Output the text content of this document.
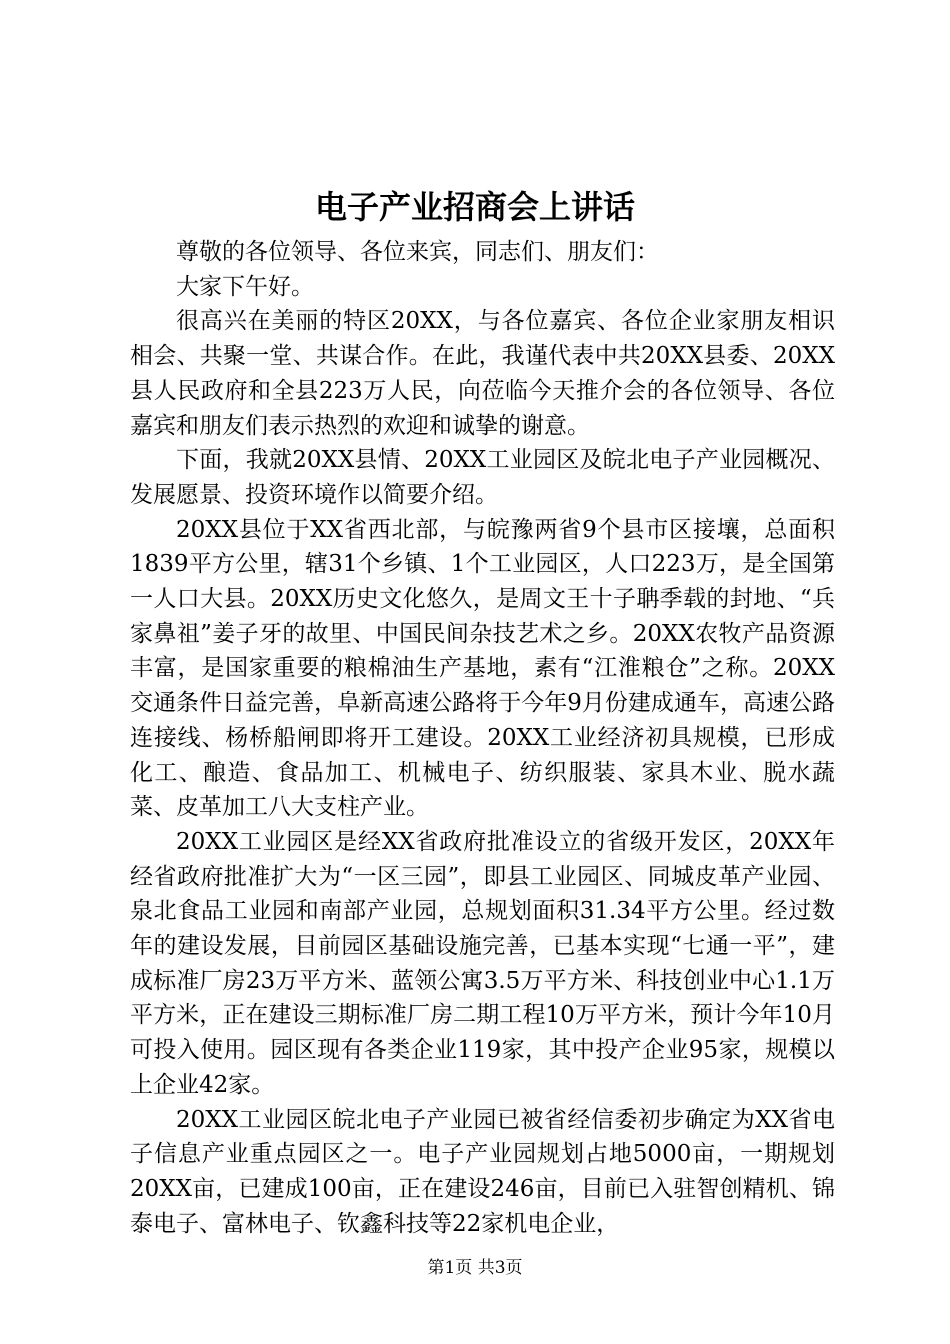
电子产业招商会上讲话

尊敬的各位领导、各位来宾，同志们、朋友们：

大家下午好。

很高兴在美丽的特区20XX，与各位嘉宾、各位企业家朋友相识相会、共聚一堂、共谋合作。在此，我谨代表中共20XX县委、20XX县人民政府和全县223万人民，向莅临今天推介会的各位领导、各位嘉宾和朋友们表示热烈的欢迎和诚挚的谢意。

下面，我就20XX县情、20XX工业园区及皖北电子产业园概况、发展愿景、投资环境作以简要介绍。

20XX县位于XX省西北部，与皖豫两省9个县市区接壤，总面积1839平方公里，辖31个乡镇、1个工业园区，人口223万，是全国第一人口大县。20XX历史文化悠久，是周文王十子聃季载的封地、“兵家鼻祖”姜子牙的故里、中国民间杂技艺术之乡。20XX农牧产品资源丰富，是国家重要的粮棉油生产基地，素有“江淮粮仓”之称。20XX交通条件日益完善，阜新高速公路将于今年9月份建成通车，高速公路连接线、杨桥船闸即将开工建设。20XX工业经济初具规模，已形成化工、酿造、食品加工、机械电子、纺织服装、家具木业、脱水蔬菜、皮革加工八大支柱产业。

20XX工业园区是经XX省政府批准设立的省级开发区，20XX年经省政府批准扩大为“一区三园”，即县工业园区、同城皮革产业园、泉北食品工业园和南部产业园，总规划面积31.34平方公里。经过数年的建设发展，目前园区基础设施完善，已基本实现“七通一平”，建成标准厂房23万平方米、蓝领公寓3.5万平方米、科技创业中心1.1万平方米，正在建设三期标准厂房二期工程10万平方米，预计今年10月可投入使用。园区现有各类企业119家，其中投产企业95家，规模以上企业42家。

20XX工业园区皖北电子产业园已被省经信委初步确定为XX省电子信息产业重点园区之一。电子产业园规划占地5000亩，一期规划20XX亩，已建成100亩，正在建设246亩，目前已入驻智创精机、锦泰电子、富林电子、钦鑫科技等22家机电企业，

第1页 共3页
